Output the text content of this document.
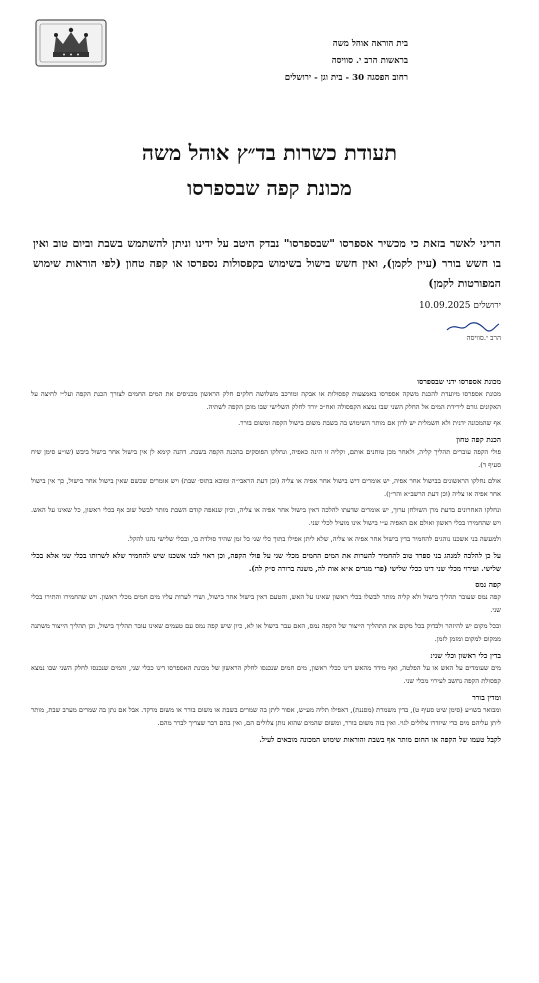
בית הוראה אוהל משה
בראשות הרב י. סוויסה
רחוב הפסגה 30 - בית וגן - ירושלים
תעודת כשרות בד״ץ אוהל משה
מכונת קפה שבספרסו
הריני לאשר בזאת כי מכשיר אספרסו "שבספרסו" נבדק היטב על ידינו וניתן להשתמש בשבת וביום טוב ואין בו חשש בורר (עיין לקמן), ואין חשש בישול בשימוש בקפסולות נספרסו או קפה טחון (לפי הוראות שימוש המפורטות לקמן)
ירושלים 10.09.2025
הרב י.סוויסה
מכונת אספרסו ידני שבספרסו

מכונת אספרסו מיועדת להכנת משקה אספרסו באמצעות קפסולות או אבקה ומורכב משלושה חלקים חלק הראשון מכניסים את המים החמים לצורך הכנת הקפה ועל״י לחיצה על האקונים גורם לירידת המים אל החלק השני שבו נמצא הקפסולה ואח״כ יורד לחלק השלישי שבו מוכן הקפה לשתיה.

אף שהמכונה ידנית ולא חשמלית יש לדון אם מותר השימוש בה בשבת משום בישול הקפה ומשום בורר.

הכנת קפה טחון

פולי הקפה עוברים תהליך קליה, ולאחר מכן טוחנים אותם, וקליה זו הינה כאפיה, ונחלקו הפוסקים בהכנת הקפה בשבת. דהנה קימא לן אין בישול אחר בישול ביבש (שו״ע סימן שיח סעיף ד).

אולם נחלקו הראשונים בבישול אחר אפיה, יש אומרים דיש בישול אחר אפיה או צליה (וכן דעת הראבי״ה ומובא בתוס׳ שבת) ויש אומרים שכשם שאין בישול אחר בישול, כך אין בישול אחר אפיה או צליה (וכן דעת הרשב״א והר״ן).

ונחלקו האחרונים בדעת מרן השולחן ערוך, יש אומרים שדעתו להלכה דאין בישול אחר אפיה או צליה, וכיון שנאפה קודם השבת מותר לבשל שוב אף בכלי ראשון, כל שאינו על האש. ויש שהחמירו בכלי ראשון ואולם אם האפיה ע״י בישול אינו מועיל לכלי שני.

ולמעשה בני אשכנז נוהגים להחמיר בדין בישול אחר אפיה או צליה, שלא ליתן אפילו בתוך כלי שני כל זמן שהיד סולדת בו, ובכלי שלישי נהגו להקל.

על כן להלכה למנהג בני ספרד טוב להחמיר להערות את המים החמים מכלי שני על פולי הקפה, וכן ראוי לבני אשכנז שיש להחמיר שלא לשרותו בכלי שני אלא בכלי שלישי. ועירוי מכלי שני דינו ככלי שלישי (פרי מגדים א״א אות לה, משנה ברורה ס״ק לה).

קפה נמס

קפה נמס שעובר תהליך בישול ולא קליה מותר לבשלו בכלי ראשון שאינו על האש, והטעם דאין בישול אחר בישול, ושרי לערות עליו מים חמים מכלי ראשון. ויש שהחמירו והתירו בכלי שני.

ובכל מקום יש להיזהר ולבדוק בכל מקום את התהליך הייצור של הקפה נמס, האם עבר בישול או לא, כיון שיש קפה נמס עם טעמים שאינו עובר תהליך בישול, וכן תהליך הייצור משתנה ממקום למקום ומזמן לזמן.

בדין כלי ראשון וכלי שני:

מים שעומדים על האש או על הפלטה, ואף מידד מהאש דינו ככלי ראשון, מים חמים שנכנסו לחלק הראשון של מכונת האספרסו דינו ככלי שני, והמים שנכנסו לחלק השני שבו נמצא קפסולת הקפה נחשב לעירוי מכלי שני.

ומדין בורר

ומבואר בשו״ע (סימן שיט סעיף ט), בדין משמרת (מסננת), דאפילו תליה מע״ש, אסור ליתן בה שמרים בשבת או משום בורר או משום מרקד. אבל אם נתן בה שמרים מערב שבת, מותר ליתן עליהם מים כדי שיזדרו צלולים לגוי. ואין בזה משום בורר, ומשום שהמים שהוא נותן צלולים הם, ואין בהם דבר שצריך לברר מהם.

לקבל טעמו של הקפה או החום מותר אף בשבת והוראות שימוש המכונה מובאים לעיל.
